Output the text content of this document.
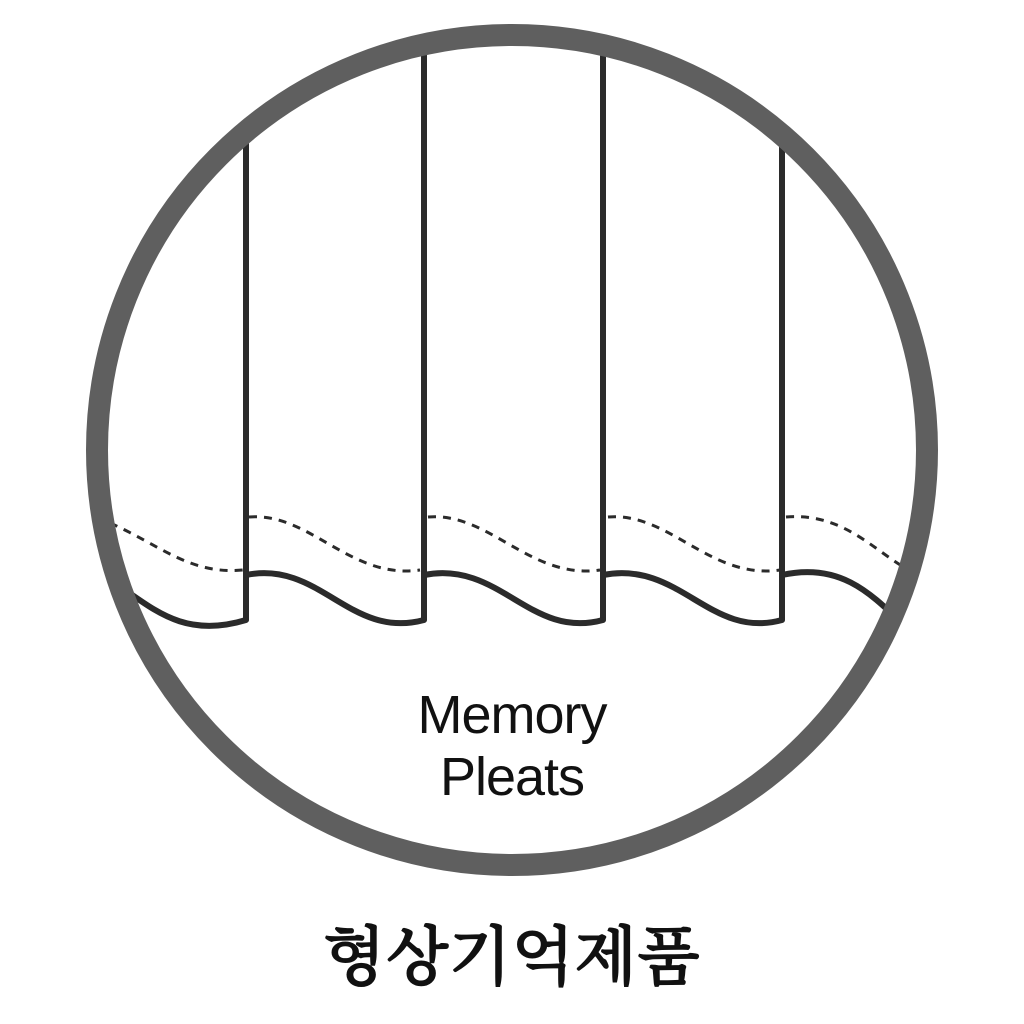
Memory
Pleats
형상기억제품
